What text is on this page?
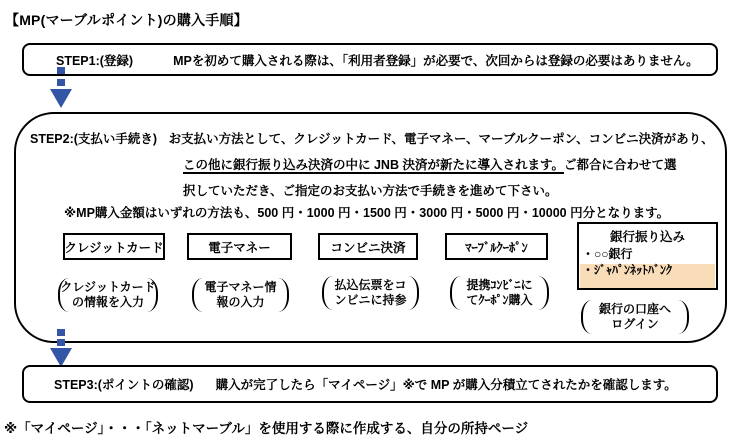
【MP(マーブルポイント)の購入手順】
STEP1:(登録)	MPを初めて購入される際は、「利用者登録」が必要で、次回からは登録の必要はありません。
STEP2:(支払い手続き) お支払い方法として、クレジットカード、電子マネー、マーブルクーポン、コンビニ決済があり、
この他に銀行振り込み決済の中に JNB 決済が新たに導入されます。ご都合に合わせて選
択していただき、ご指定のお支払い方法で手続きを進めて下さい。
※MP購入金額はいずれの方法も、500 円・1000 円・1500 円・3000 円・5000 円・10000 円分となります。
クレジットカード	電子マネー	コンビニ決済	ﾏｰﾌﾞﾙｸｰﾎﾟﾝ
銀行振り込み
・○○銀行
・ｼﾞｬﾊﾟﾝﾈｯﾄﾊﾞﾝｸ
クレジットカード
の情報を入力
電子マネー情
報の入力
払込伝票をコ
ンビニに持参
提携ｺﾝﾋﾞﾆに
てｸｰﾎﾟﾝ購入
銀行の口座へ
ログイン
STEP3:(ポイントの確認) 購入が完了したら「マイページ」※で MP が購入分積立てされたかを確認します。
※「マイページ」・・・「ネットマーブル」を使用する際に作成する、自分の所持ページ
